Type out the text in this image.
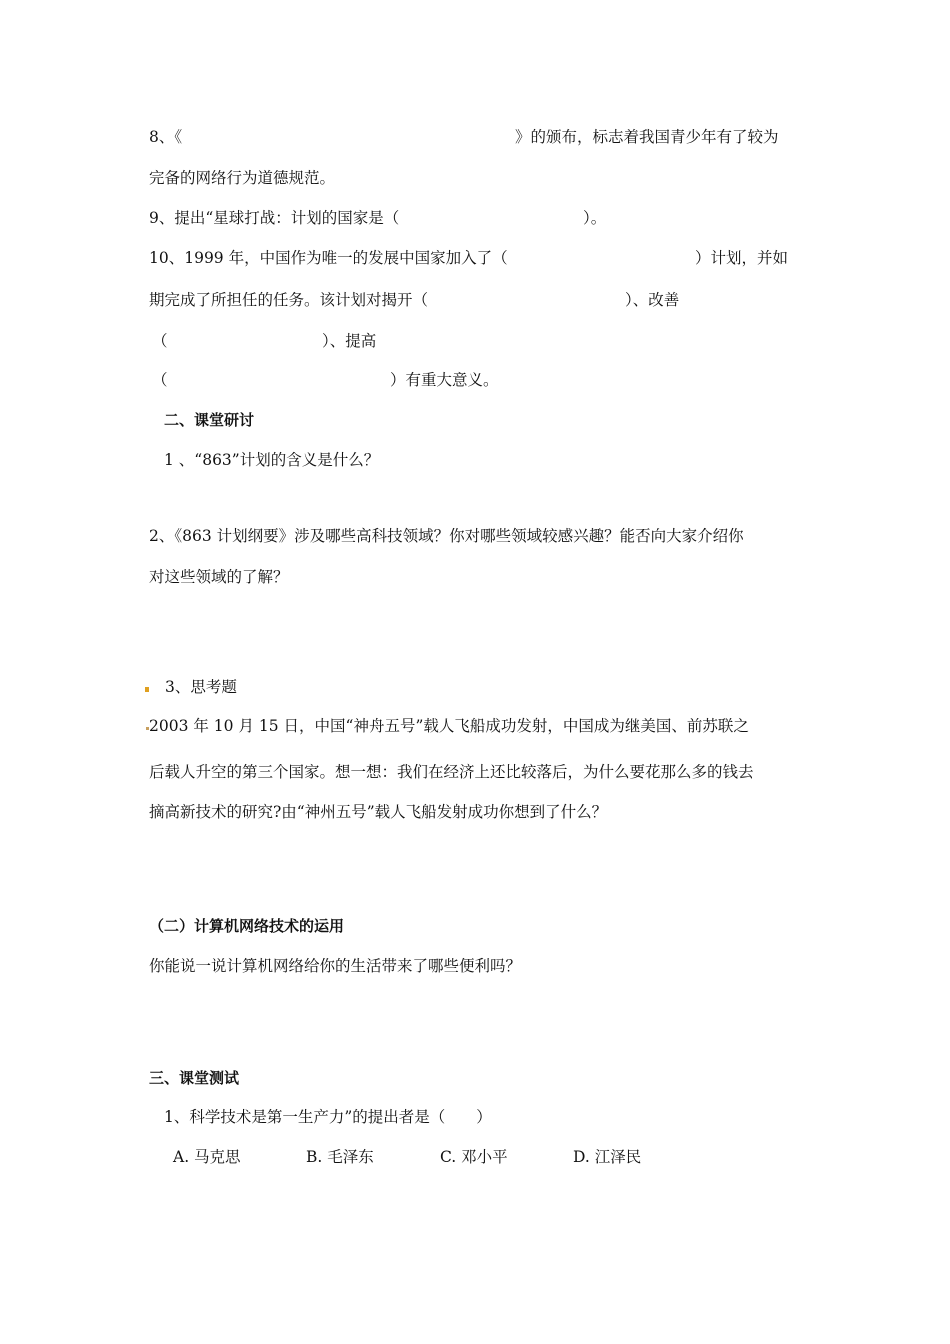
8、《	》的颁布，标志着我国青少年有了较为
完备的网络行为道德规范。
9、提出“星球打战：计划的国家是（	）。
10、1999 年，中国作为唯一的发展中国家加入了（	）计划，并如
期完成了所担任的任务。该计划对揭开（	）、改善
（	）、提高
（	）有重大意义。
二、课堂研讨
1 、“863”计划的含义是什么？
2、《863 计划纲要》涉及哪些高科技领域？你对哪些领域较感兴趣？能否向大家介绍你
对这些领域的了解？
3、思考题
2003 年 10 月 15 日，中国“神舟五号”载人飞船成功发射，中国成为继美国、前苏联之
后载人升空的第三个国家。想一想：我们在经济上还比较落后，为什么要花那么多的钱去
摘高新技术的研究?由“神州五号”载人飞船发射成功你想到了什么？
（二）计算机网络技术的运用
你能说一说计算机网络给你的生活带来了哪些便利吗？
三、课堂测试
1、科学技术是第一生产力”的提出者是（　　）
A. 马克思	B. 毛泽东	C. 邓小平	D. 江泽民
